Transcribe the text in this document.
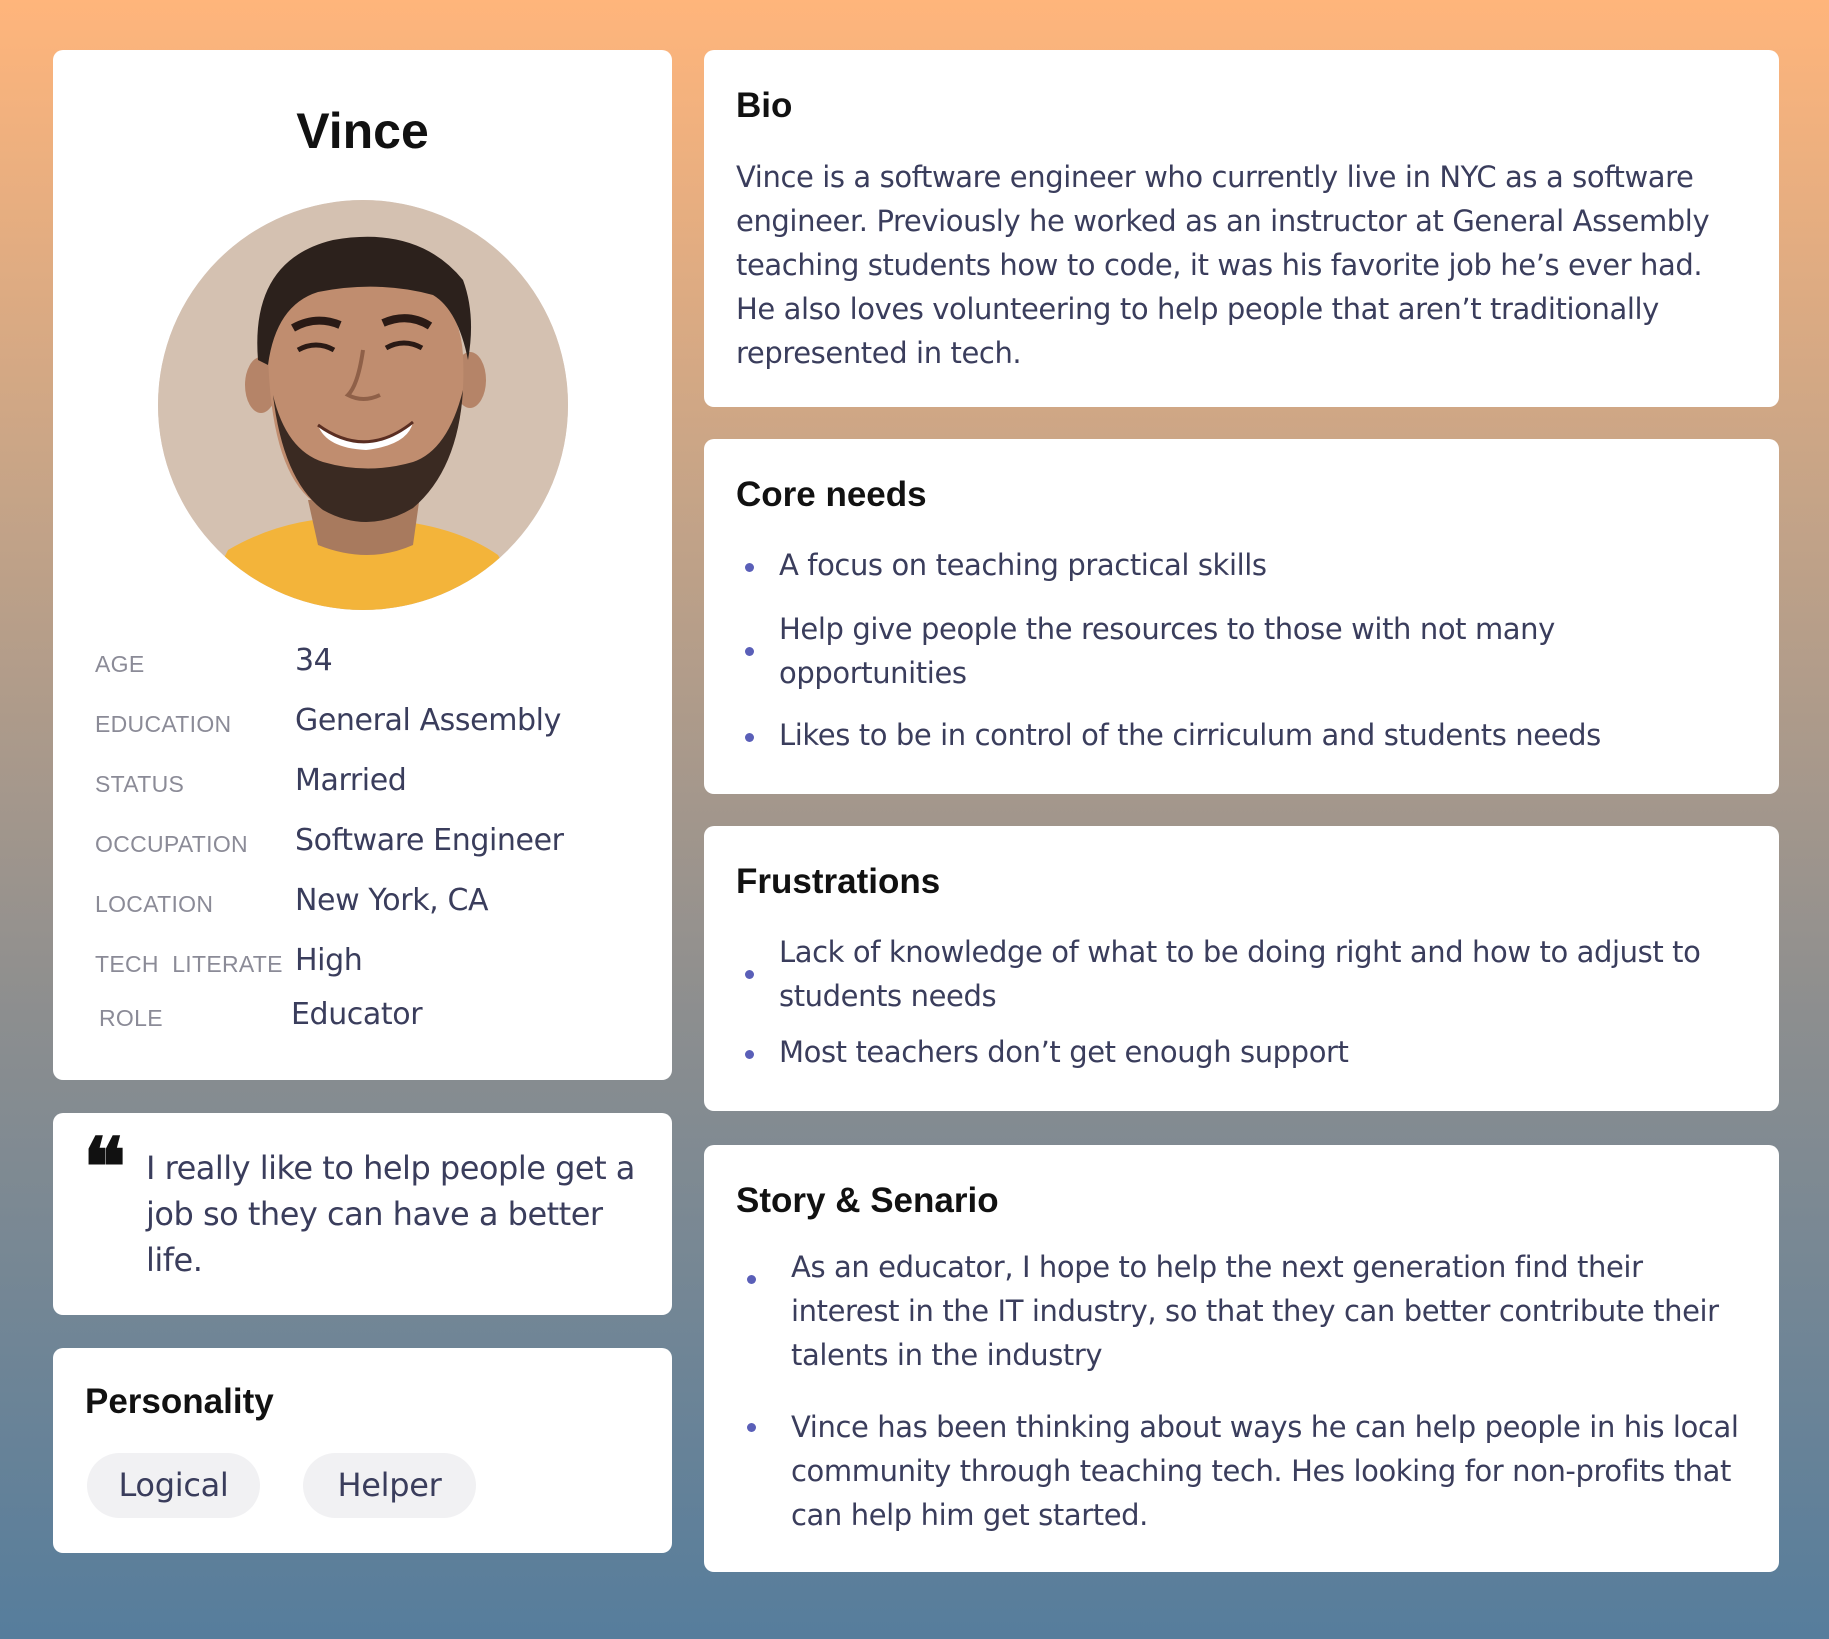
Vince
AGE	34
EDUCATION General Assembly
STATUS	Married
OCCUPATION Software Engineer
LOCATION	New York, CA
TECH  LITERATE High
ROLE	Educator
❝ I really like to help people get a job so they can have a better life.
Personality
Logical	Helper
Bio

Vince is a software engineer who currently live in NYC as a software engineer. Previously he worked as an instructor at General Assembly teaching students how to code, it was his favorite job he’s ever had. He also loves volunteering to help people that aren’t traditionally represented in tech.

Core needs
A focus on teaching practical skills
Help give people the resources to those with not many opportunities
Likes to be in control of the cirriculum and students needs
Frustrations
Lack of knowledge of what to be doing right and how to adjust to students needs
Most teachers don’t get enough support
Story & Senario
As an educator, I hope to help the next generation find their interest in the IT industry, so that they can better contribute their talents in the industry
Vince has been thinking about ways he can help people in his local community through teaching tech. Hes looking for non-profits that can help him get started.
